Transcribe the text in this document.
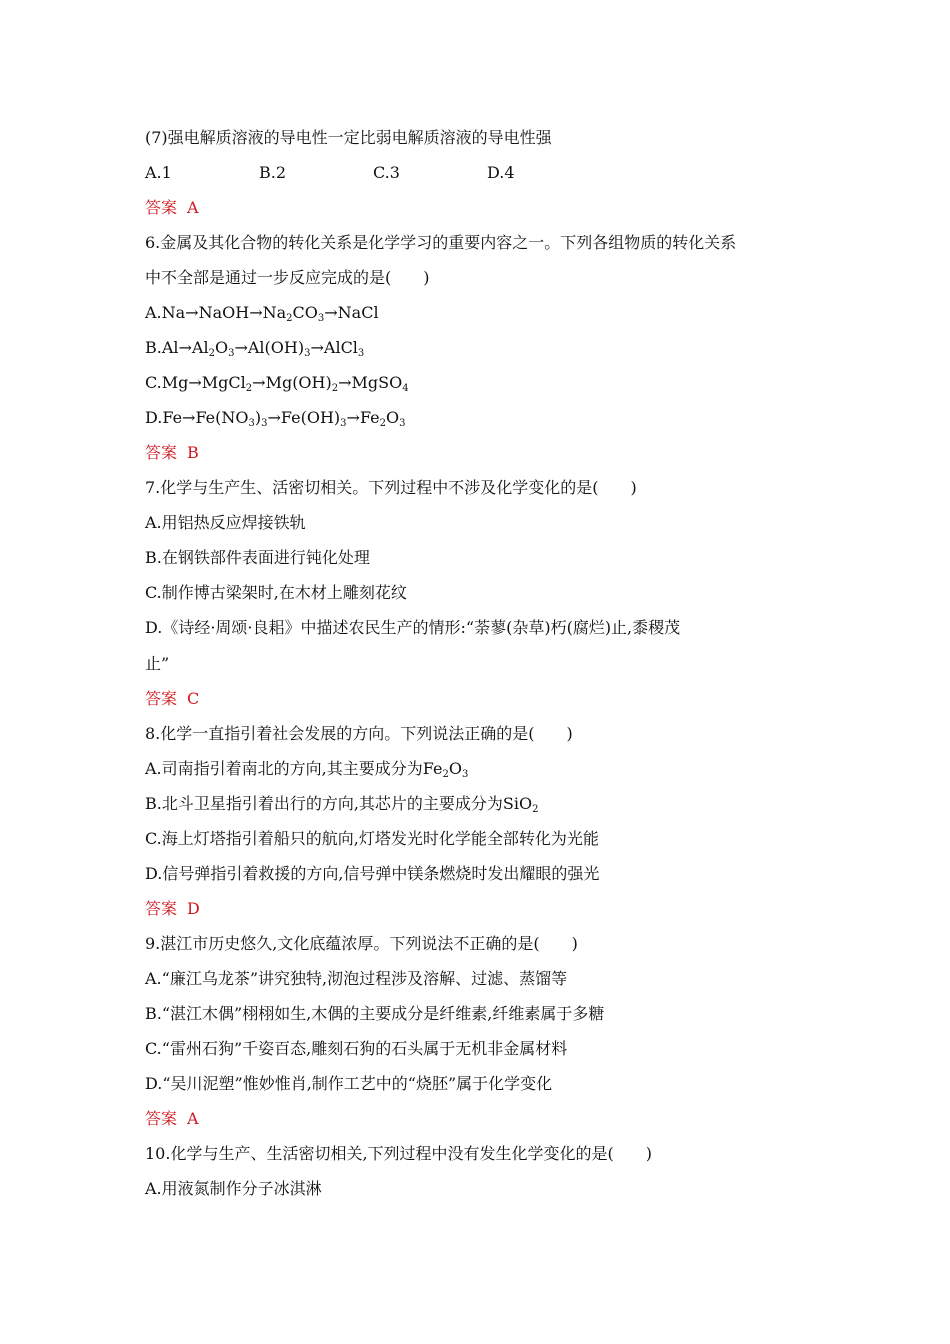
(7)强电解质溶液的导电性一定比弱电解质溶液的导电性强
A.1	B.2	C.3	D.4
答案 A
6.金属及其化合物的转化关系是化学学习的重要内容之一。下列各组物质的转化关系
中不全部是通过一步反应完成的是(　　)
$A.Na\to NaOH\to Na_2CO_3\to NaCl$
$B.Al\to Al_2O_3\to Al(OH)_3\to AlCl_3$
$C.Mg\to MgCl_2\to Mg(OH)_2\to MgSO_4$
$D.Fe\to Fe(NO_3)_3\to Fe(OH)_3\to Fe_2O_3$
答案 B
7.化学与生产生、活密切相关。下列过程中不涉及化学变化的是(　　)
A.用铝热反应焊接铁轨
B.在钢铁部件表面进行钝化处理
C.制作博古梁架时,在木材上雕刻花纹
D.《诗经·周颂·良耜》中描述农民生产的情形:“荼蓼(杂草)朽(腐烂)止,黍稷茂
止”
答案 C
8.化学一直指引着社会发展的方向。下列说法正确的是(　　)
A.司南指引着南北的方向,其主要成分为$Fe_2O_3$
B.北斗卫星指引着出行的方向,其芯片的主要成分为SiO$_2$
C.海上灯塔指引着船只的航向,灯塔发光时化学能全部转化为光能
D.信号弹指引着救援的方向,信号弹中镁条燃烧时发出耀眼的强光
答案 D
9.湛江市历史悠久,文化底蕴浓厚。下列说法不正确的是(　　)
A.“廉江乌龙茶”讲究独特,沏泡过程涉及溶解、过滤、蒸馏等
B.“湛江木偶”栩栩如生,木偶的主要成分是纤维素,纤维素属于多糖
C.“雷州石狗”千姿百态,雕刻石狗的石头属于无机非金属材料
D.“吴川泥塑”惟妙惟肖,制作工艺中的“烧胚”属于化学变化
答案 A
10.化学与生产、生活密切相关,下列过程中没有发生化学变化的是(　　)
A.用液氮制作分子冰淇淋
